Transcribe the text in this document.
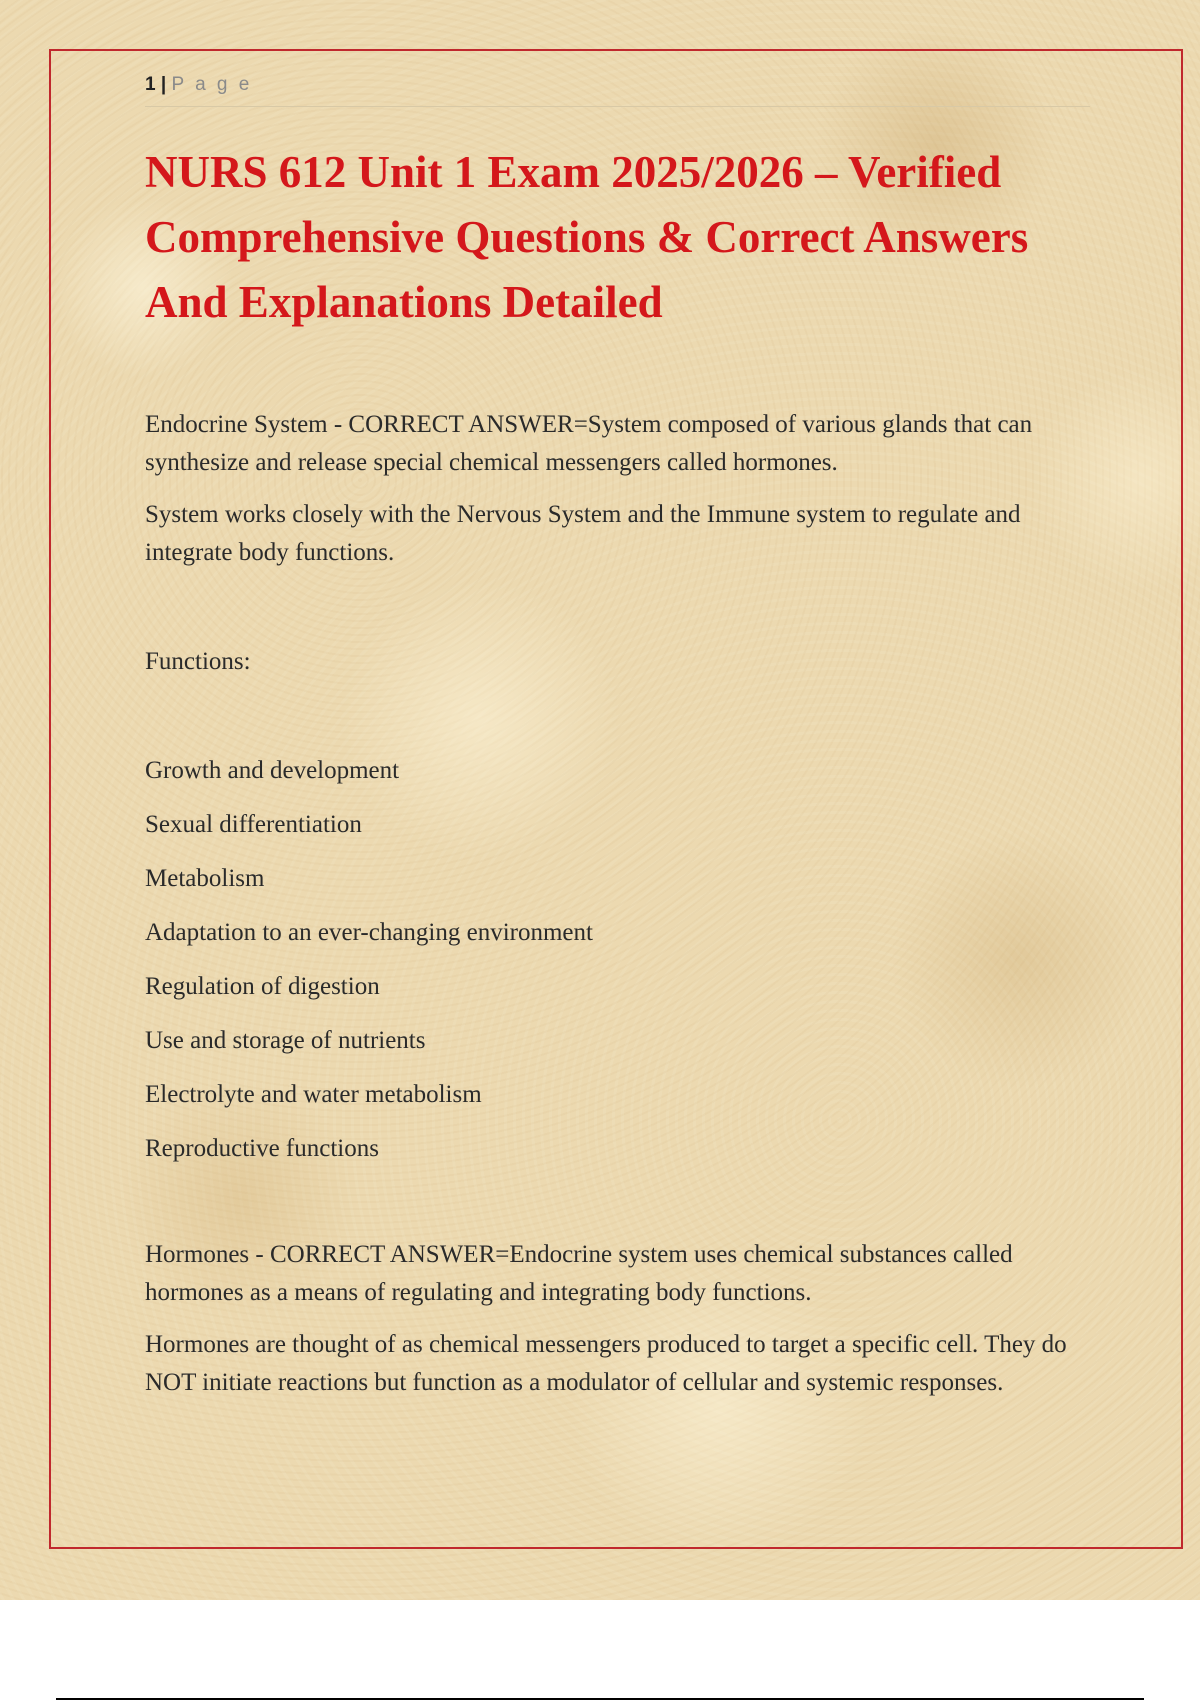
1 | P a g e
NURS 612 Unit 1 Exam 2025/2026 – Verified Comprehensive Questions & Correct Answers And Explanations Detailed

Endocrine System - CORRECT ANSWER=System composed of various glands that can synthesize and release special chemical messengers called hormones.

System works closely with the Nervous System and the Immune system to regulate and integrate body functions.

Functions:
Growth and development
Sexual differentiation
Metabolism
Adaptation to an ever-changing environment
Regulation of digestion
Use and storage of nutrients
Electrolyte and water metabolism
Reproductive functions

Hormones - CORRECT ANSWER=Endocrine system uses chemical substances called hormones as a means of regulating and integrating body functions.

Hormones are thought of as chemical messengers produced to target a specific cell. They do NOT initiate reactions but function as a modulator of cellular and systemic responses.
